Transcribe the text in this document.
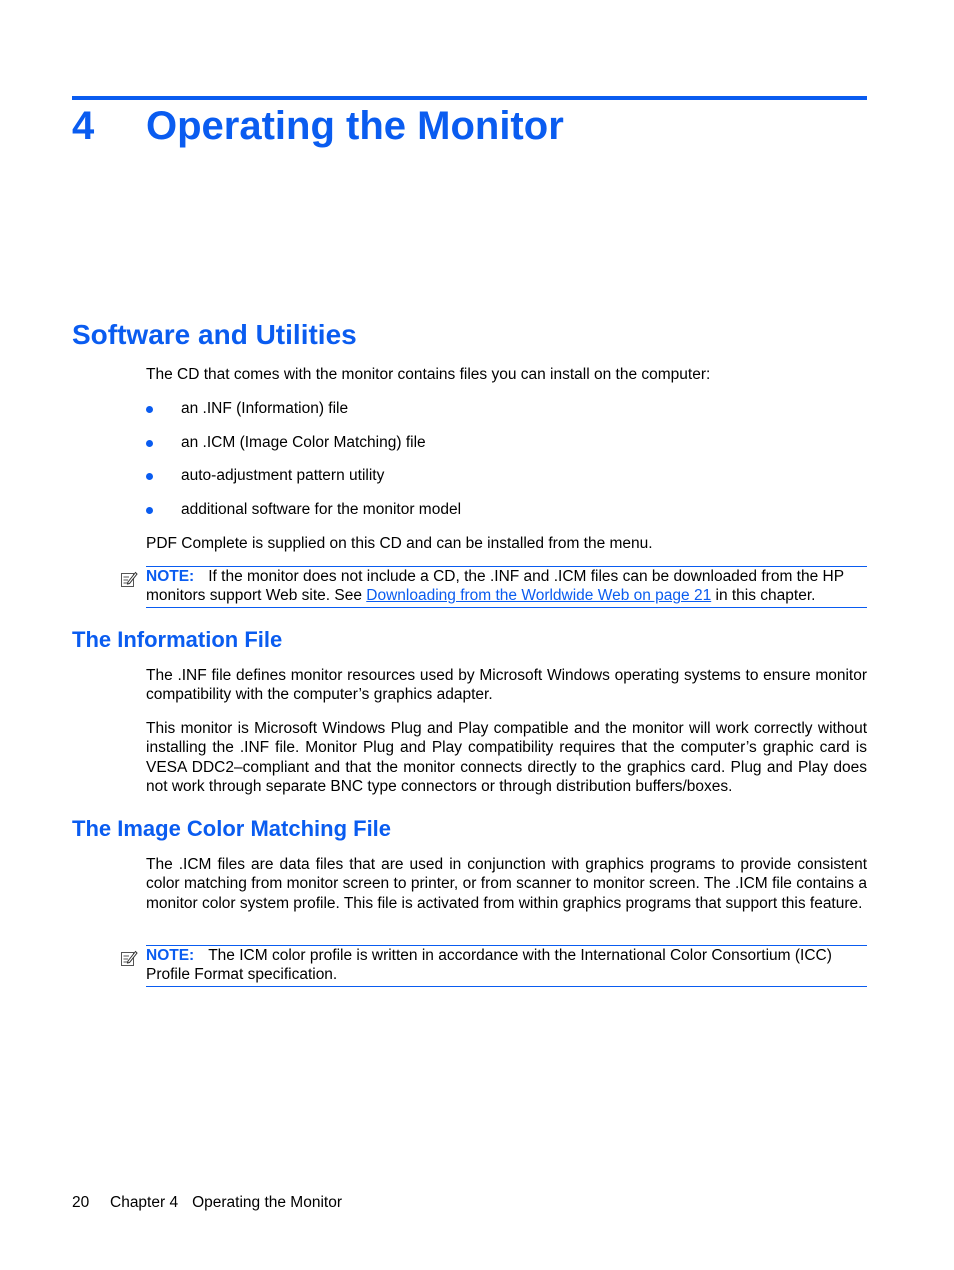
4 Operating the Monitor
Software and Utilities

The CD that comes with the monitor contains files you can install on the computer:

an .INF (Information) file
an .ICM (Image Color Matching) file
auto-adjustment pattern utility
additional software for the monitor model

PDF Complete is supplied on this CD and can be installed from the menu.

NOTE: If the monitor does not include a CD, the .INF and .ICM files can be downloaded from the HP monitors support Web site. See Downloading from the Worldwide Web on page 21 in this chapter.
The Information File

The .INF file defines monitor resources used by Microsoft Windows operating systems to ensure monitor compatibility with the computer’s graphics adapter.

This monitor is Microsoft Windows Plug and Play compatible and the monitor will work correctly without installing the .INF file. Monitor Plug and Play compatibility requires that the computer’s graphic card is VESA DDC2–compliant and that the monitor connects directly to the graphics card. Plug and Play does not work through separate BNC type connectors or through distribution buffers/boxes.

The Image Color Matching File

The .ICM files are data files that are used in conjunction with graphics programs to provide consistent color matching from monitor screen to printer, or from scanner to monitor screen. The .ICM file contains a monitor color system profile. This file is activated from within graphics programs that support this feature.

NOTE: The ICM color profile is written in accordance with the International Color Consortium (ICC) Profile Format specification.
20 Chapter 4 Operating the Monitor
